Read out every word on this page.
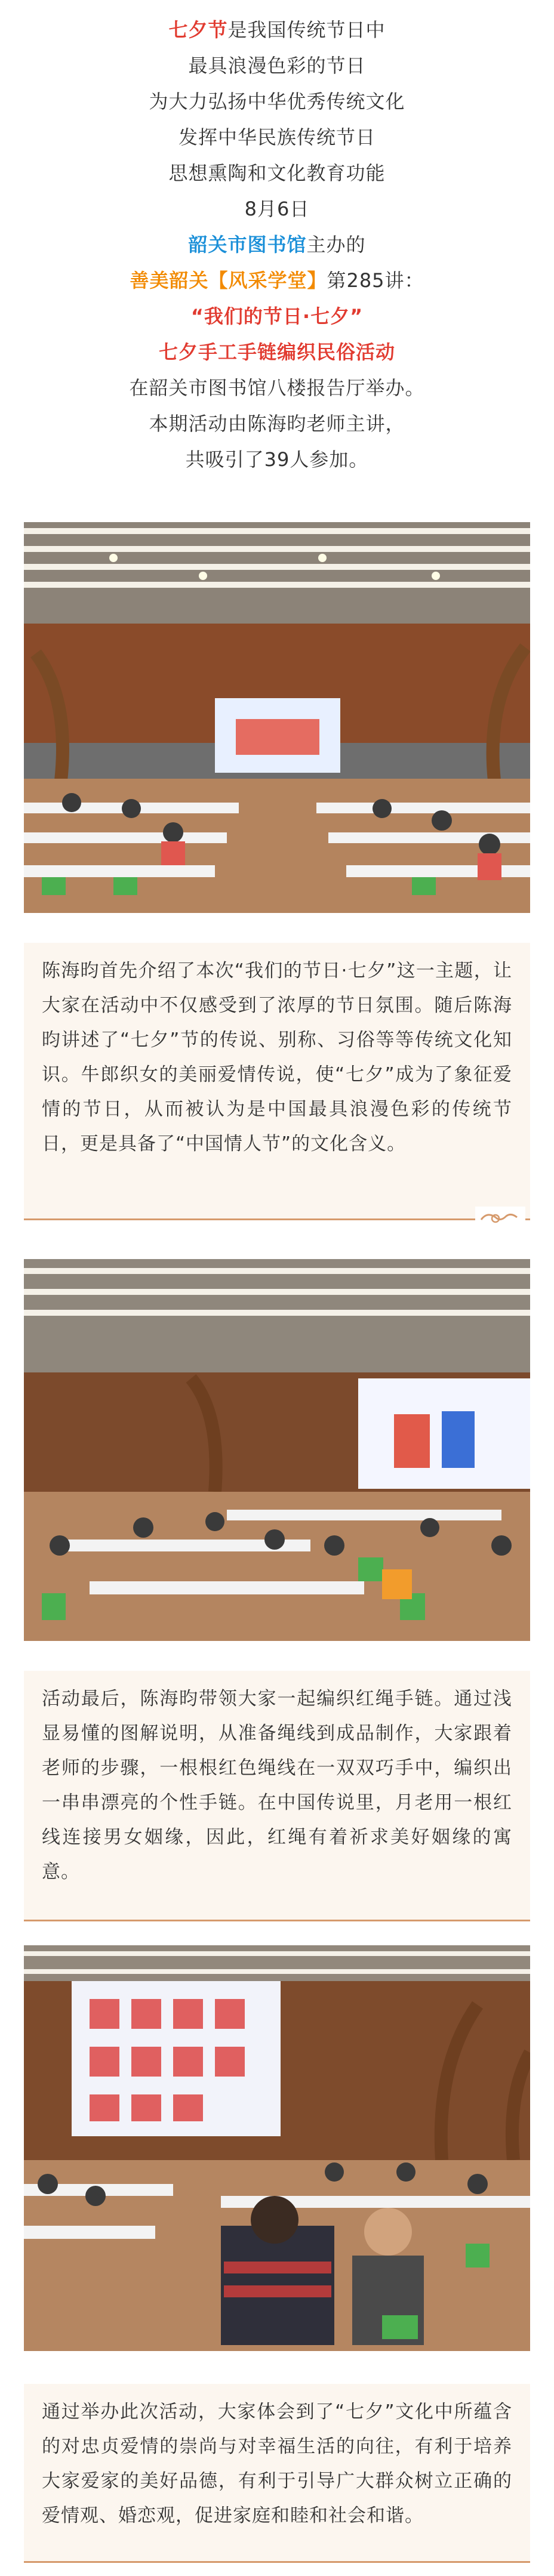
七夕节是我国传统节日中
最具浪漫色彩的节日
为大力弘扬中华优秀传统文化
发挥中华民族传统节日
思想熏陶和文化教育功能
8月6日
韶关市图书馆主办的
善美韶关【风采学堂】第285讲：
“我们的节日·七夕”
七夕手工手链编织民俗活动
在韶关市图书馆八楼报告厅举办。
本期活动由陈海昀老师主讲，
共吸引了39人参加。
陈海昀首先介绍了本次“我们的节日·七夕”这一主题，让大家在活动中不仅感受到了浓厚的节日氛围。随后陈海昀讲述了“七夕”节的传说、别称、习俗等等传统文化知识。牛郎织女的美丽爱情传说，使“七夕”成为了象征爱情的节日，从而被认为是中国最具浪漫色彩的传统节日，更是具备了“中国情人节”的文化含义。
活动最后，陈海昀带领大家一起编织红绳手链。通过浅显易懂的图解说明，从准备绳线到成品制作，大家跟着老师的步骤，一根根红色绳线在一双双巧手中，编织出一串串漂亮的个性手链。在中国传说里，月老用一根红线连接男女姻缘，因此，红绳有着祈求美好姻缘的寓意。
通过举办此次活动，大家体会到了“七夕”文化中所蕴含的对忠贞爱情的崇尚与对幸福生活的向往，有利于培养大家爱家的美好品德，有利于引导广大群众树立正确的爱情观、婚恋观，促进家庭和睦和社会和谐。
